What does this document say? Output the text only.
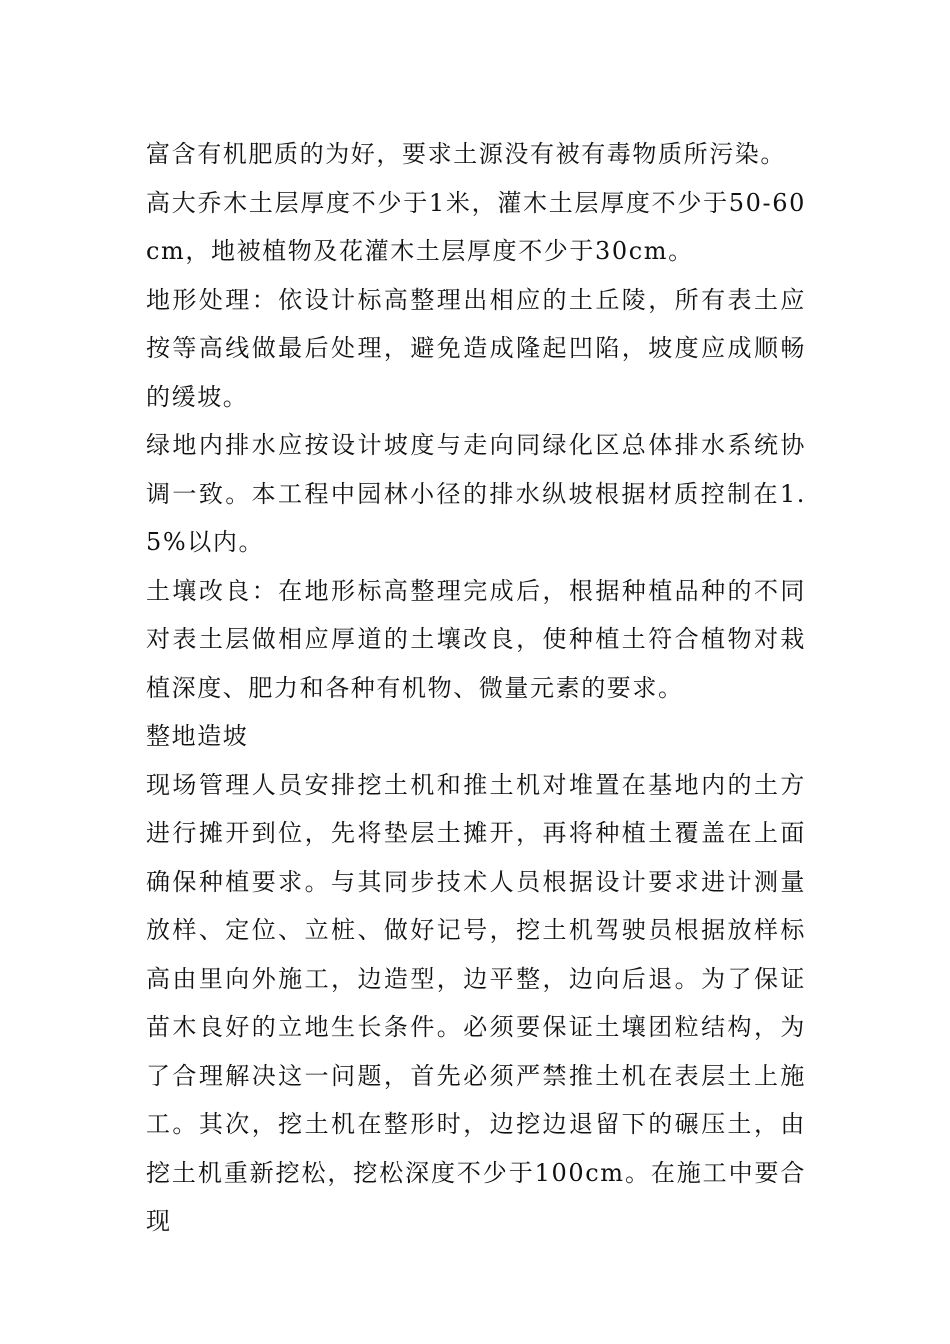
富含有机肥质的为好，要求土源没有被有毒物质所污染。

高大乔木土层厚度不少于1米，灌木土层厚度不少于50-60cm，地被植物及花灌木土层厚度不少于30cm。

地形处理：依设计标高整理出相应的土丘陵，所有表土应按等高线做最后处理，避免造成隆起凹陷，坡度应成顺畅的缓坡。

绿地内排水应按设计坡度与走向同绿化区总体排水系统协调一致。本工程中园林小径的排水纵坡根据材质控制在1.5%以内。

土壤改良：在地形标高整理完成后，根据种植品种的不同对表土层做相应厚道的土壤改良，使种植土符合植物对栽植深度、肥力和各种有机物、微量元素的要求。

整地造坡

现场管理人员安排挖土机和推土机对堆置在基地内的土方进行摊开到位，先将垫层土摊开，再将种植土覆盖在上面确保种植要求。与其同步技术人员根据设计要求进计测量放样、定位、立桩、做好记号，挖土机驾驶员根据放样标高由里向外施工，边造型，边平整，边向后退。为了保证苗木良好的立地生长条件。必须要保证土壤团粒结构，为了合理解决这一问题，首先必须严禁推土机在表层土上施工。其次，挖土机在整形时，边挖边退留下的碾压土，由挖土机重新挖松，挖松深度不少于100cm。在施工中要合现
